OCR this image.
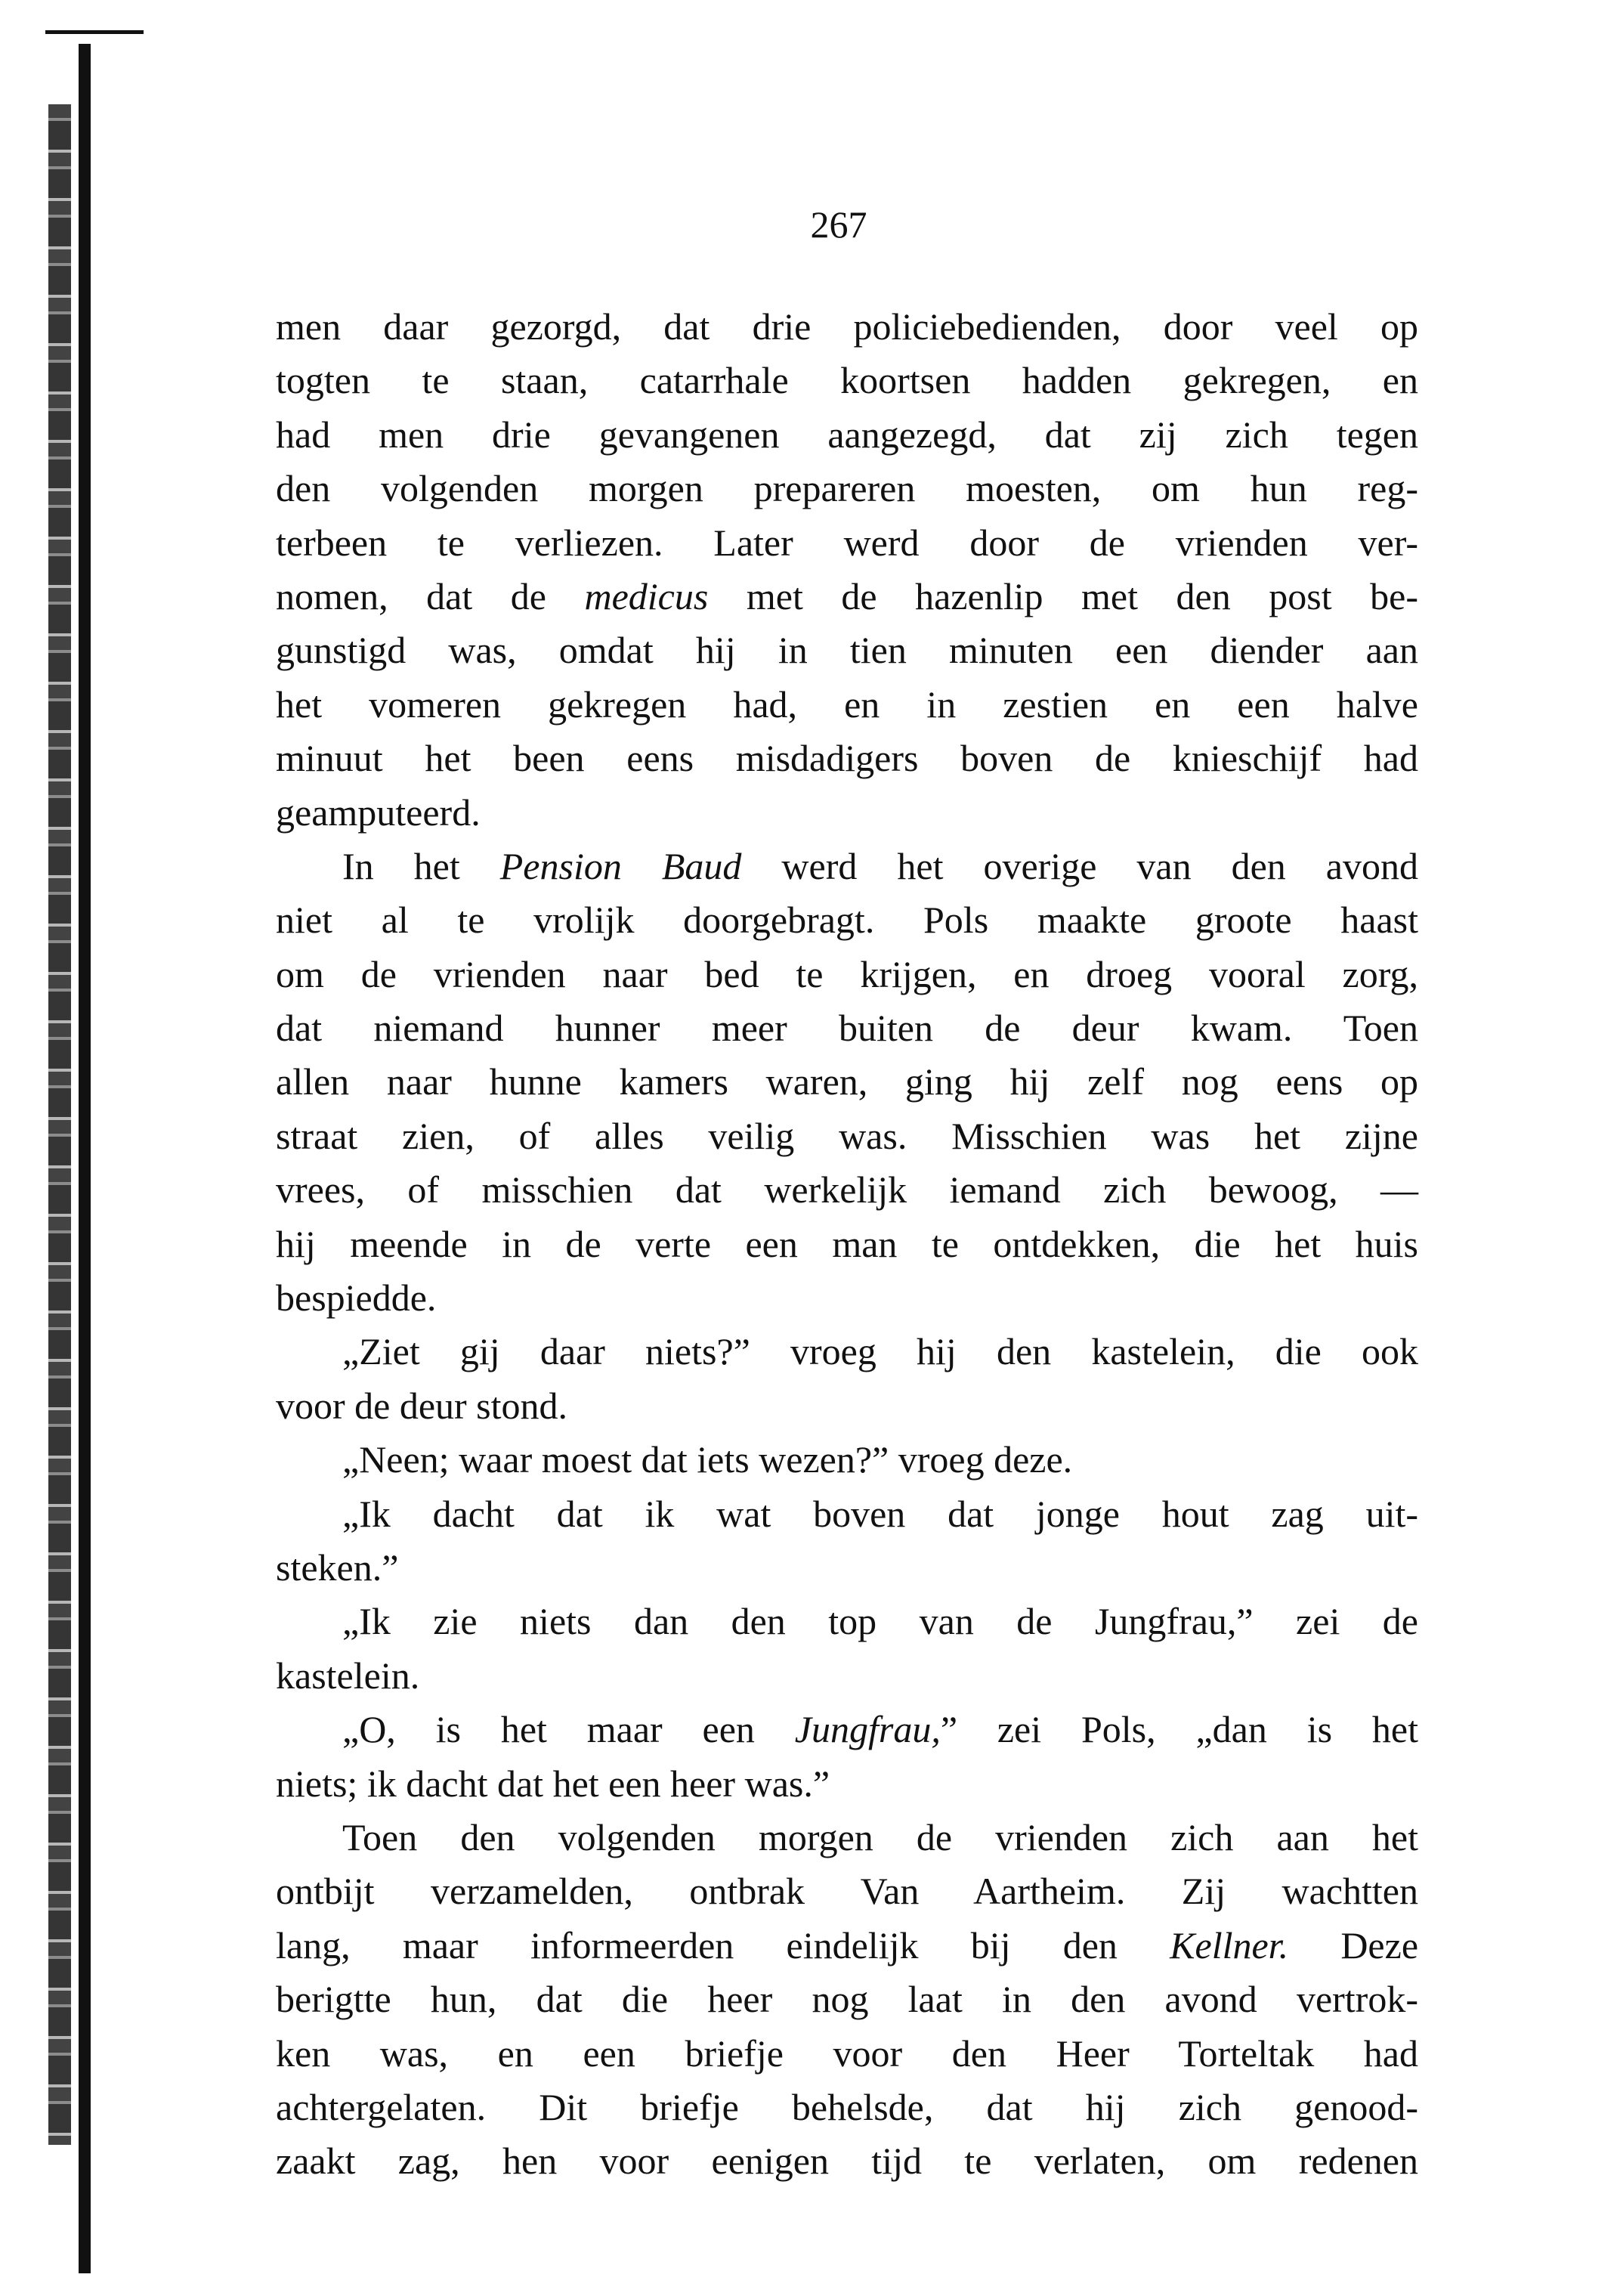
267
men daar gezorgd, dat drie policiebedienden, door veel op
togten te staan, catarrhale koortsen hadden gekregen, en
had men drie gevangenen aangezegd, dat zij zich tegen
den volgenden morgen prepareren moesten, om hun reg-
terbeen te verliezen. Later werd door de vrienden ver-
nomen, dat de medicus met de hazenlip met den post be-
gunstigd was, omdat hij in tien minuten een diender aan
het vomeren gekregen had, en in zestien en een halve
minuut het been eens misdadigers boven de knieschijf had
geamputeerd.
In het Pension Baud werd het overige van den avond
niet al te vrolijk doorgebragt. Pols maakte groote haast
om de vrienden naar bed te krijgen, en droeg vooral zorg,
dat niemand hunner meer buiten de deur kwam. Toen
allen naar hunne kamers waren, ging hij zelf nog eens op
straat zien, of alles veilig was. Misschien was het zijne
vrees, of misschien dat werkelijk iemand zich bewoog, —
hij meende in de verte een man te ontdekken, die het huis
bespiedde.
„Ziet gij daar niets?” vroeg hij den kastelein, die ook
voor de deur stond.
„Neen; waar moest dat iets wezen?” vroeg deze.
„Ik dacht dat ik wat boven dat jonge hout zag uit-
steken.”
„Ik zie niets dan den top van de Jungfrau,” zei de
kastelein.
„O, is het maar een Jungfrau,” zei Pols, „dan is het
niets; ik dacht dat het een heer was.”
Toen den volgenden morgen de vrienden zich aan het
ontbijt verzamelden, ontbrak Van Aartheim. Zij wachtten
lang, maar informeerden eindelijk bij den Kellner. Deze
berigtte hun, dat die heer nog laat in den avond vertrok-
ken was, en een briefje voor den Heer Torteltak had
achtergelaten. Dit briefje behelsde, dat hij zich genood-
zaakt zag, hen voor eenigen tijd te verlaten, om redenen
